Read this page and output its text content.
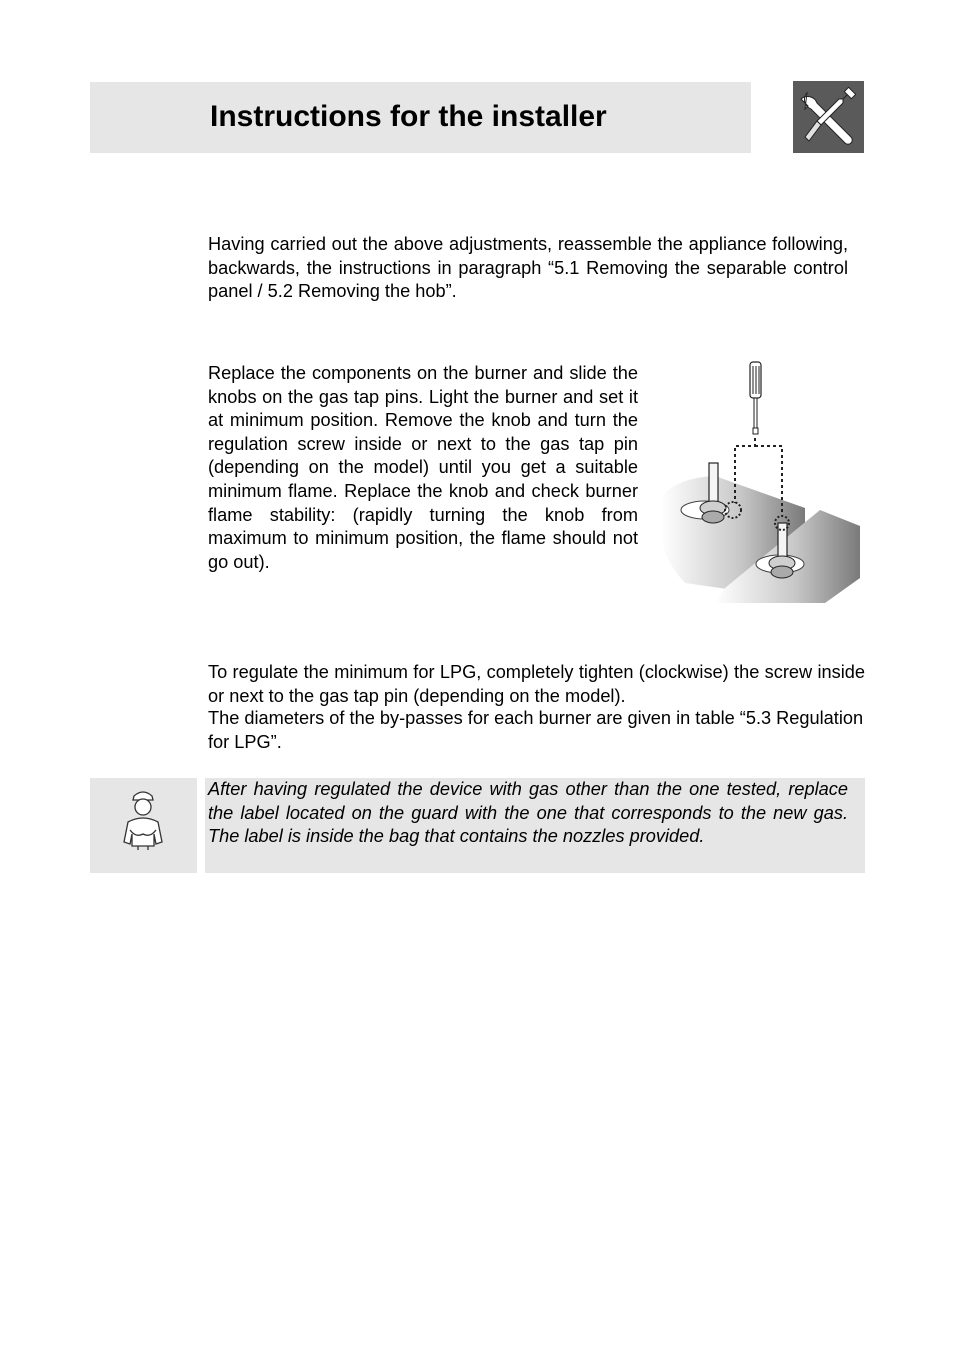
Instructions for the installer

Having carried out the above adjustments, reassemble the appliance following, backwards, the instructions in paragraph “5.1 Removing the separable control panel / 5.2 Removing the hob”.

Replace the components on the burner and slide the knobs on the gas tap pins. Light the burner and set it at minimum position. Remove the knob and turn the regulation screw inside or next to the gas tap pin (depending on the model) until you get a suitable minimum flame. Replace the knob and check burner flame stability: (rapidly turning the knob from maximum to minimum position, the flame should not go out).

To regulate the minimum for LPG, completely tighten (clockwise) the screw inside or next to the gas tap pin (depending on the model).

The diameters of the by-passes for each burner are given in table “5.3 Regulation for LPG”.

After having regulated the device with gas other than the one tested, replace the label located on the guard with the one that corresponds to the new gas. The label is inside the bag that contains the nozzles provided.
